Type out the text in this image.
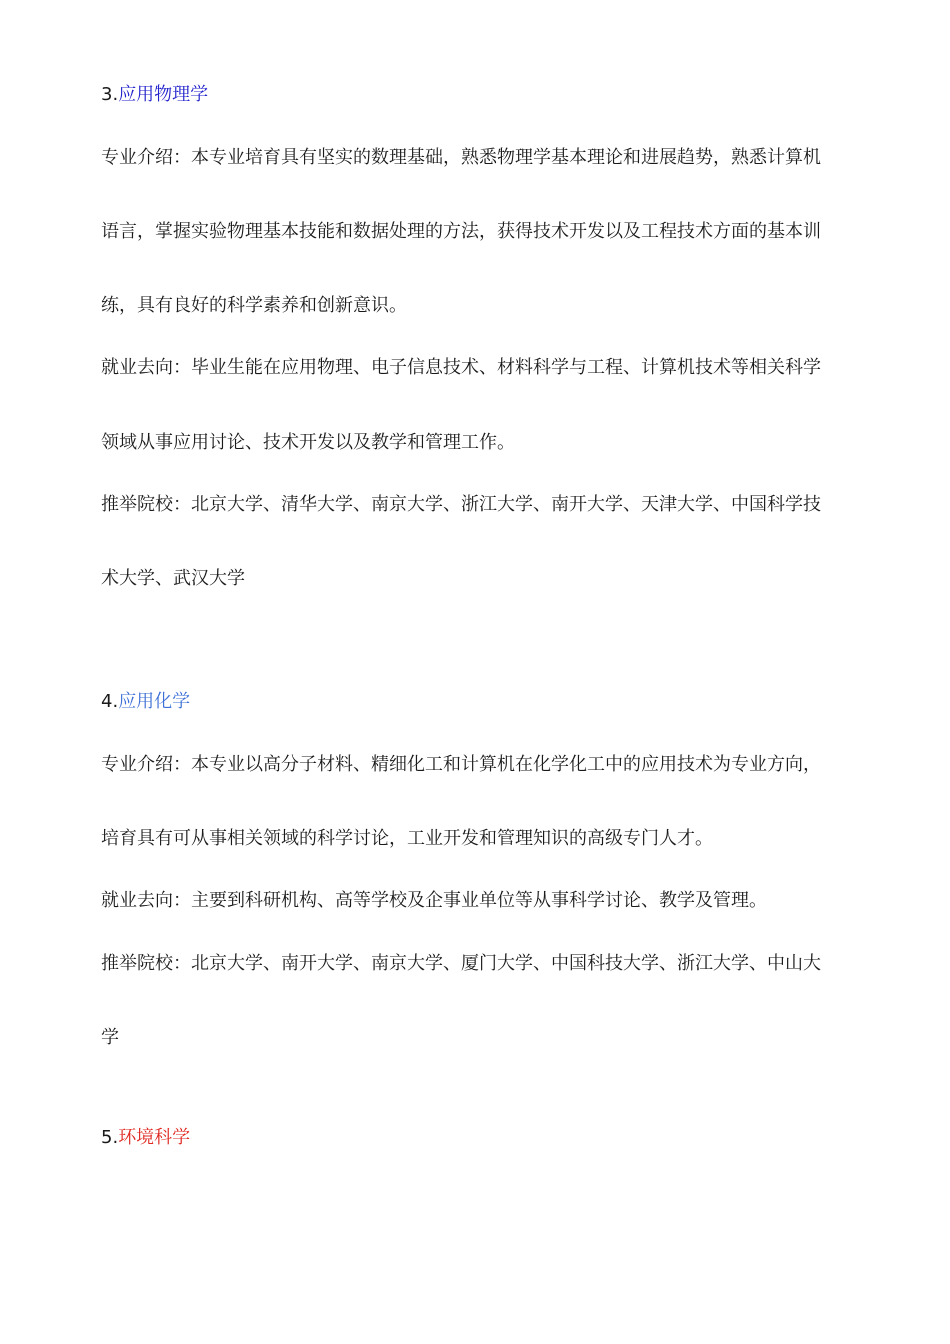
3.应用物理学
专业介绍：本专业培育具有坚实的数理基础，熟悉物理学基本理论和进展趋势，熟悉计算机
语言，掌握实验物理基本技能和数据处理的方法，获得技术开发以及工程技术方面的基本训
练，具有良好的科学素养和创新意识。
就业去向：毕业生能在应用物理、电子信息技术、材料科学与工程、计算机技术等相关科学
领域从事应用讨论、技术开发以及教学和管理工作。
推举院校：北京大学、清华大学、南京大学、浙江大学、南开大学、天津大学、中国科学技
术大学、武汉大学
4.应用化学
专业介绍：本专业以高分子材料、精细化工和计算机在化学化工中的应用技术为专业方向，
培育具有可从事相关领域的科学讨论，工业开发和管理知识的高级专门人才。
就业去向：主要到科研机构、高等学校及企事业单位等从事科学讨论、教学及管理。
推举院校：北京大学、南开大学、南京大学、厦门大学、中国科技大学、浙江大学、中山大
学
5.环境科学
